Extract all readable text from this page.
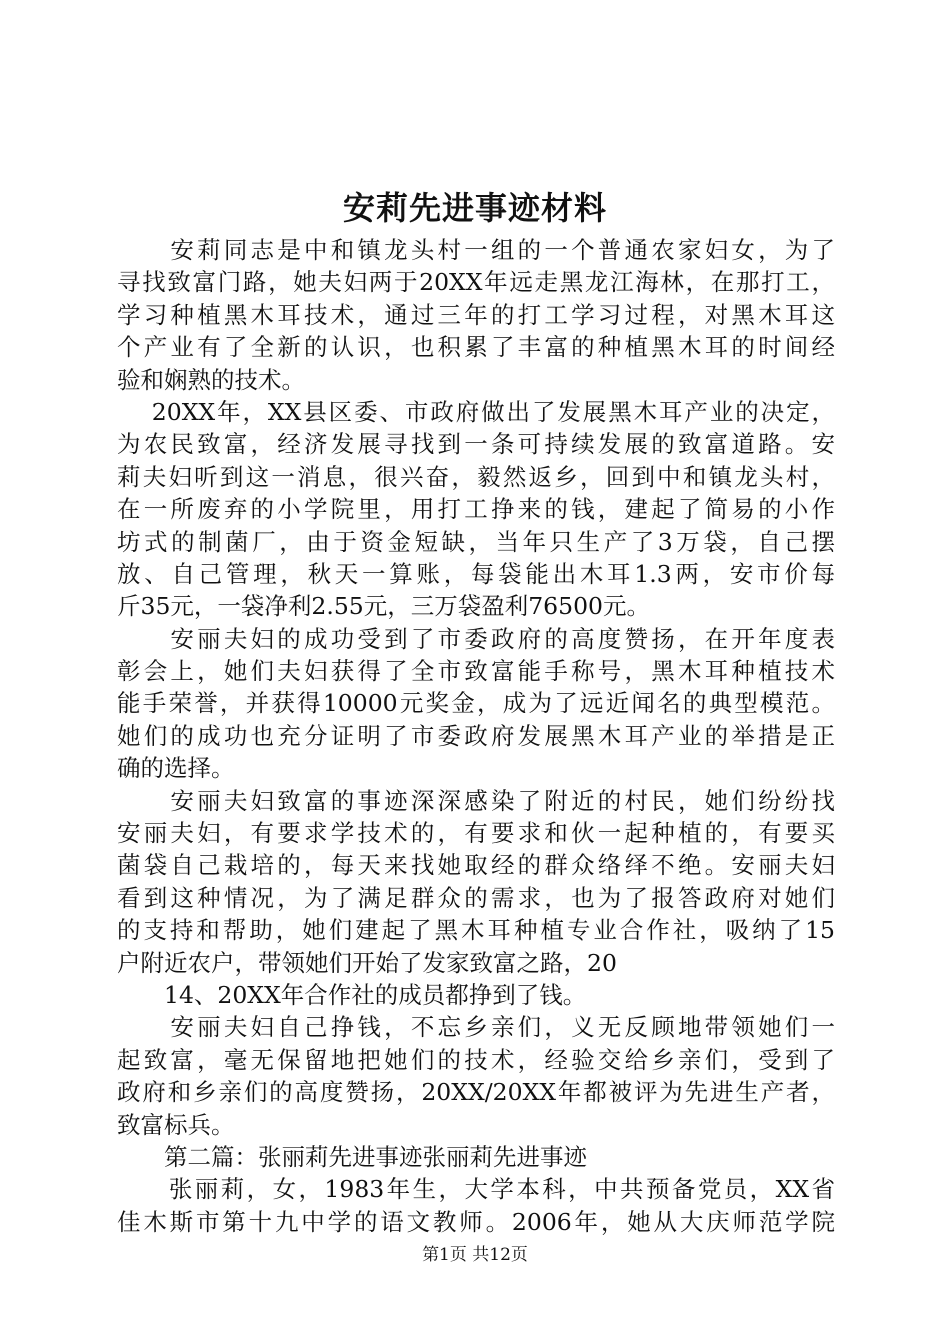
安莉先进事迹材料
　　安莉同志是中和镇龙头村一组的一个普通农家妇女，为了
寻找致富门路，她夫妇两于20XX年远走黑龙江海林，在那打工，
学习种植黑木耳技术，通过三年的打工学习过程，对黑木耳这
个产业有了全新的认识，也积累了丰富的种植黑木耳的时间经
验和娴熟的技术。
　 20XX年，XX县区委、市政府做出了发展黑木耳产业的决定，
为农民致富，经济发展寻找到一条可持续发展的致富道路。安
莉夫妇听到这一消息，很兴奋，毅然返乡，回到中和镇龙头村，
在一所废弃的小学院里，用打工挣来的钱，建起了简易的小作
坊式的制菌厂，由于资金短缺，当年只生产了3万袋，自己摆
放、自己管理，秋天一算账，每袋能出木耳1.3两，安市价每
斤35元，一袋净利2.55元，三万袋盈利76500元。
　　安丽夫妇的成功受到了市委政府的高度赞扬，在开年度表
彰会上，她们夫妇获得了全市致富能手称号，黑木耳种植技术
能手荣誉，并获得10000元奖金，成为了远近闻名的典型模范。
她们的成功也充分证明了市委政府发展黑木耳产业的举措是正
确的选择。
　　安丽夫妇致富的事迹深深感染了附近的村民，她们纷纷找
安丽夫妇，有要求学技术的，有要求和伙一起种植的，有要买
菌袋自己栽培的，每天来找她取经的群众络绎不绝。安丽夫妇
看到这种情况，为了满足群众的需求，也为了报答政府对她们
的支持和帮助，她们建起了黑木耳种植专业合作社，吸纳了15
户附近农户，带领她们开始了发家致富之路，20
　　14、20XX年合作社的成员都挣到了钱。
　　安丽夫妇自己挣钱，不忘乡亲们，义无反顾地带领她们一
起致富，毫无保留地把她们的技术，经验交给乡亲们，受到了
政府和乡亲们的高度赞扬，20XX/20XX年都被评为先进生产者，
致富标兵。
　　第二篇：张丽莉先进事迹张丽莉先进事迹
　　张丽莉，女，1983年生，大学本科，中共预备党员，XX省
佳木斯市第十九中学的语文教师。2006年，她从大庆师范学院
第1页 共12页
